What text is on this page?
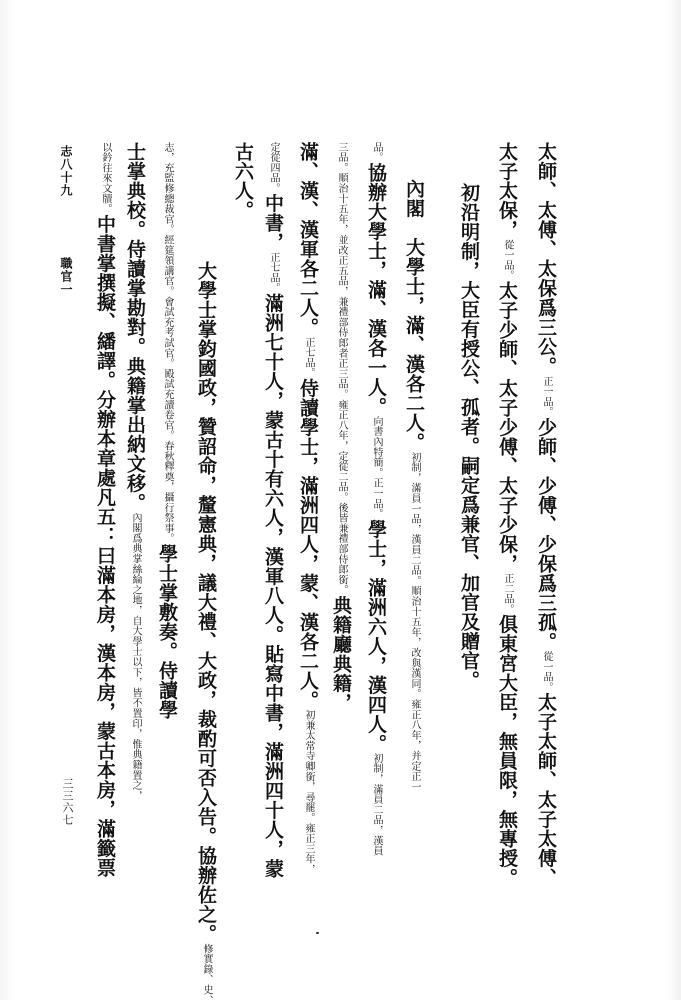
太師、太傅、太保爲三公。正一品。少師、少傅、少保爲三孤。從一品。太子太師、太子太傅、
太子太保，從一品。太子少師、太子少傅、太子少保，正二品。俱東宮大臣，無員限，無專授。
初沿明制，大臣有授公、孤者。嗣定爲兼官、加官及贈官。
內閣　大學士，滿、漢各二人。初制，滿員一品，漢員二品。順治十五年，改與漢同。雍正八年，并定正一
品。協辦大學士，滿、漢各一人。向書內特簡。正一品。學士，滿洲六人，漢四人。初制，滿員二品，漢員
三品。順治十五年，並改正五品，兼禮部侍郎者正三品。雍正八年，定從二品。後皆兼禮部侍郎銜。典籍廳典籍，
滿、漢、漢軍各二人。正七品。侍讀學士，滿洲四人，蒙、漢各二人。初兼太常寺卿銜，尋罷。雍正三年，
定從四品。中書，正七品。滿洲七十人，蒙古十有六人，漢軍八人。貼寫中書，滿洲四十人，蒙
古六人。
大學士掌鈞國政，贊詔命，釐憲典，議大禮、大政，裁酌可否入告。協辦佐之。修實錄、史、
志，充監修總裁官。經筵領講官。會試充考試官。殿試充讀卷官。春秋釋奠，攝行祭事。學士掌敷奏。侍讀學
士掌典校。侍讀掌勘對。典籍掌出納文移。內閣爲典掌絲綸之地，自大學士以下，皆不置印，惟典籍置之，
以鈐往來文牘。中書掌撰擬、繙譯。分辦本章處凡五：曰滿本房，漢本房，蒙古本房，滿籤票
志八十九
職官一
三三六七
